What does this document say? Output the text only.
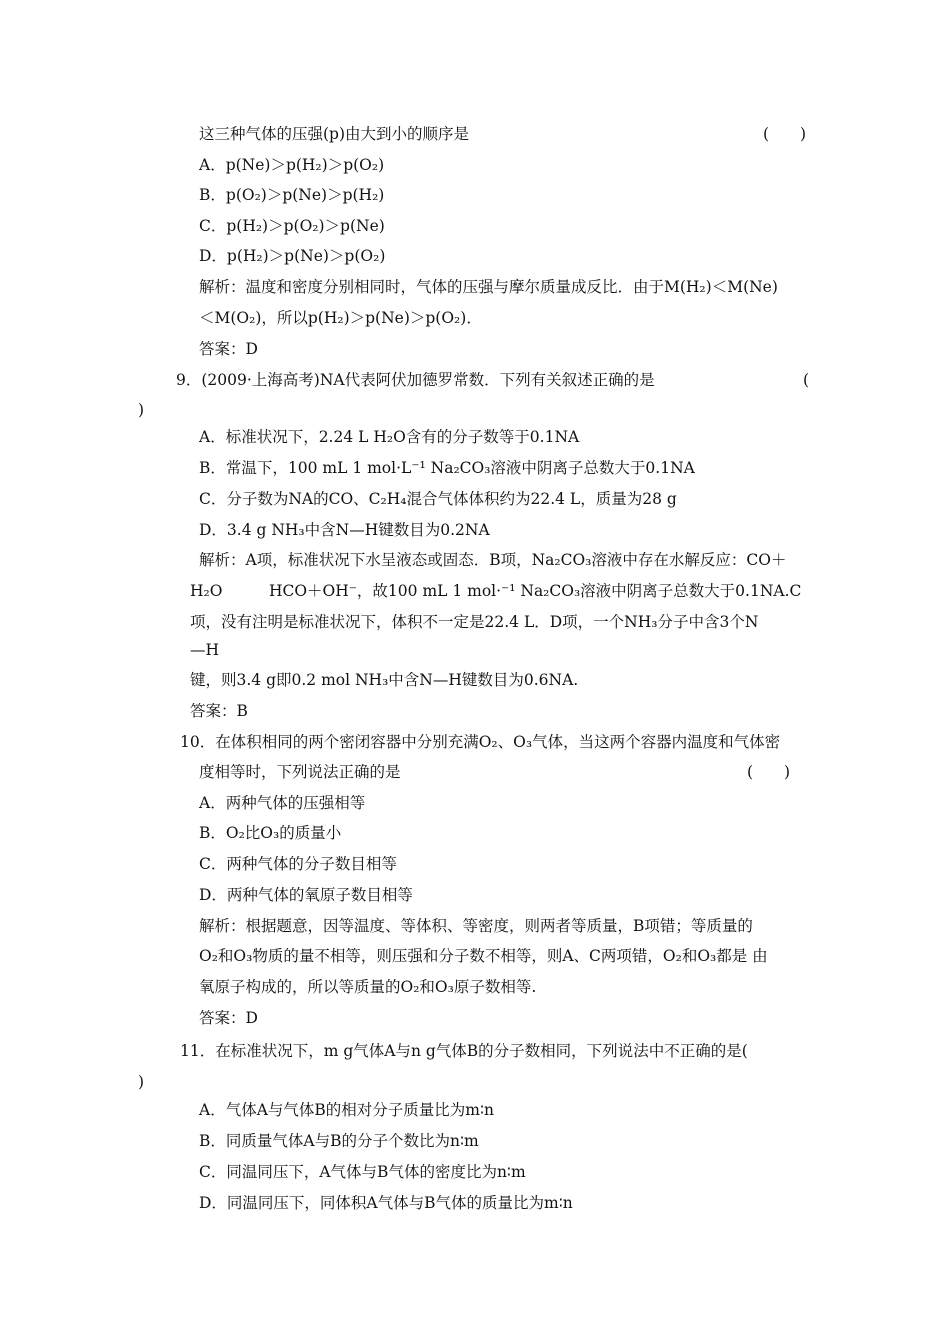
这三种气体的压强(p)由大到小的顺序是	(　　)
A．p(Ne)＞p(H₂)＞p(O₂)
B．p(O₂)＞p(Ne)＞p(H₂)
C．p(H₂)＞p(O₂)＞p(Ne)
D．p(H₂)＞p(Ne)＞p(O₂)
解析：温度和密度分别相同时，气体的压强与摩尔质量成反比．由于M(H₂)＜M(Ne)
＜M(O₂)，所以p(H₂)＞p(Ne)＞p(O₂)．
答案：D
9．(2009·上海高考)NA代表阿伏加德罗常数．下列有关叙述正确的是	(
)
A．标准状况下，2.24 L H₂O含有的分子数等于0.1NA
B．常温下，100 mL 1 mol·L⁻¹ Na₂CO₃溶液中阴离子总数大于0.1NA
C．分子数为NA的CO、C₂H₄混合气体体积约为22.4 L，质量为28 g
D．3.4 g NH₃中含N—H键数目为0.2NA
解析：A项，标准状况下水呈液态或固态．B项，Na₂CO₃溶液中存在水解反应：CO＋
H₂O　　　HCO＋OH⁻，故100 mL 1 mol·⁻¹ Na₂CO₃溶液中阴离子总数大于0.1NA.C
项，没有注明是标准状况下，体积不一定是22.4 L．D项，一个NH₃分子中含3个N
—H
键，则3.4 g即0.2 mol NH₃中含N—H键数目为0.6NA.
答案：B
10．在体积相同的两个密闭容器中分别充满O₂、O₃气体，当这两个容器内温度和气体密
度相等时，下列说法正确的是	(　　)
A．两种气体的压强相等
B．O₂比O₃的质量小
C．两种气体的分子数目相等
D．两种气体的氧原子数目相等
解析：根据题意，因等温度、等体积、等密度，则两者等质量，B项错；等质量的
O₂和O₃物质的量不相等，则压强和分子数不相等，则A、C两项错，O₂和O₃都是 由
氧原子构成的，所以等质量的O₂和O₃原子数相等.
答案：D
11．在标准状况下，m g气体A与n g气体B的分子数相同，下列说法中不正确的是(
)
A．气体A与气体B的相对分子质量比为m∶n
B．同质量气体A与B的分子个数比为n∶m
C．同温同压下，A气体与B气体的密度比为n∶m
D．同温同压下，同体积A气体与B气体的质量比为m∶n
